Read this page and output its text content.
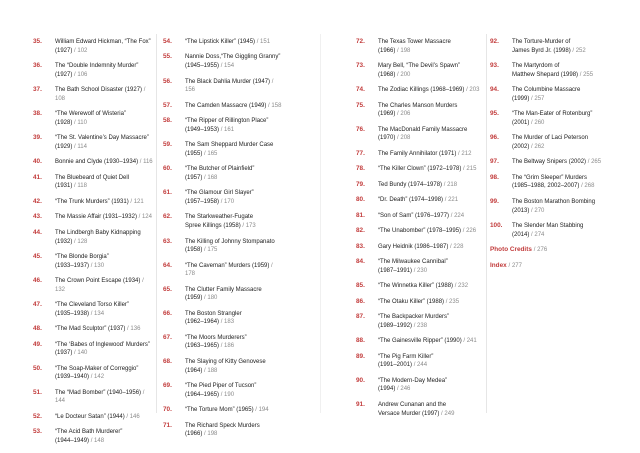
35.	William Edward Hickman, “The Fox”
(1927) / 102
36.	The “Double Indemnity Murder”
(1927) / 106
37.	The Bath School Disaster (1927) / 108
38.	“The Werewolf of Wisteria”
(1928) / 110
39.	“The St. Valentine’s Day Massacre”
(1929) / 114
40.	Bonnie and Clyde (1930–1934) / 116
41.	The Bluebeard of Quiet Dell
(1931) / 118
42.	“The Trunk Murders” (1931) / 121
43.	The Massie Affair (1931–1932) / 124
44.	The Lindbergh Baby Kidnapping
(1932) / 128
45.	“The Blonde Borgia”
(1933–1937) / 130
46.	The Crown Point Escape (1934) / 132
47.	“The Cleveland Torso Killer”
(1935–1938) / 134
48.	“The Mad Sculptor” (1937) / 136
49.	“The ‘Babes of Inglewood’ Murders”
(1937) / 140
50.	“The Soap-Maker of Correggio”
(1939–1940) / 142
51.	The “Mad Bomber” (1940–1956) / 144
52.	“Le Docteur Satan” (1944) / 146
53.	“The Acid Bath Murderer”
(1944–1949) / 148
54.	“The Lipstick Killer” (1945) / 151
55.	Nannie Doss,“The Giggling Granny”
(1945–1955) / 154
56.	The Black Dahlia Murder (1947) / 156
57.	The Camden Massacre (1949) / 158
58.	“The Ripper of Rillington Place”
(1949–1953) / 161
59.	The Sam Sheppard Murder Case
(1955) / 165
60.	“The Butcher of Plainfield”
(1957) / 168
61.	“The Glamour Girl Slayer”
(1957–1958) / 170
62.	The Starkweather-Fugate
Spree Killings (1958) / 173
63.	The Killing of Johnny Stompanato
(1958) / 175
64.	“The Caveman” Murders (1959) / 178
65.	The Clutter Family Massacre
(1959) / 180
66.	The Boston Strangler
(1962–1964) / 183
67.	“The Moors Murderers”
(1963–1965) / 186
68.	The Slaying of Kitty Genovese
(1964) / 188
69.	“The Pied Piper of Tucson”
(1964–1965) / 190
70.	“The Torture Mom” (1965) / 194
71.	The Richard Speck Murders
(1966) / 198
72.	The Texas Tower Massacre
(1966) / 198
73.	Mary Bell, “The Devil’s Spawn”
(1968) / 200
74.	The Zodiac Killings (1968–1969) / 203
75.	The Charles Manson Murders
(1969) / 206
76.	The MacDonald Family Massacre
(1970) / 208
77.	The Family Annihilator (1971) / 212
78.	“The Killer Clown” (1972–1978) / 215
79.	Ted Bundy (1974–1978) / 218
80.	“Dr. Death” (1974–1998) / 221
81.	“Son of Sam” (1976–1977) / 224
82.	“The Unabomber” (1978–1995) / 226
83.	Gary Heidnik (1986–1987) / 228
84.	“The Milwaukee Cannibal”
(1987–1991) / 230
85.	“The Winnetka Killer” (1988) / 232
86.	“The Otaku Killer” (1988) / 235
87.	“The Backpacker Murders”
(1989–1992) / 238
88.	“The Gainesville Ripper” (1990) / 241
89.	“The Pig Farm Killer”
(1991–2001) / 244
90.	“The Modern-Day Medea”
(1994) / 246
91.	Andrew Cunanan and the
Versace Murder (1997) / 249
92.	The Torture-Murder of
James Byrd Jr. (1998) / 252
93.	The Martyrdom of
Matthew Shepard (1998) / 255
94.	The Columbine Massacre
(1999) / 257
95.	“The Man-Eater of Rotenburg”
(2001) / 260
96.	The Murder of Laci Peterson
(2002) / 262
97.	The Beltway Snipers (2002) / 265
98.	The “Grim Sleeper” Murders
(1985–1988, 2002–2007) / 268
99.	The Boston Marathon Bombing
(2013) / 270
100.	The Slender Man Stabbing
(2014) / 274
Photo Credits / 276
Index / 277
